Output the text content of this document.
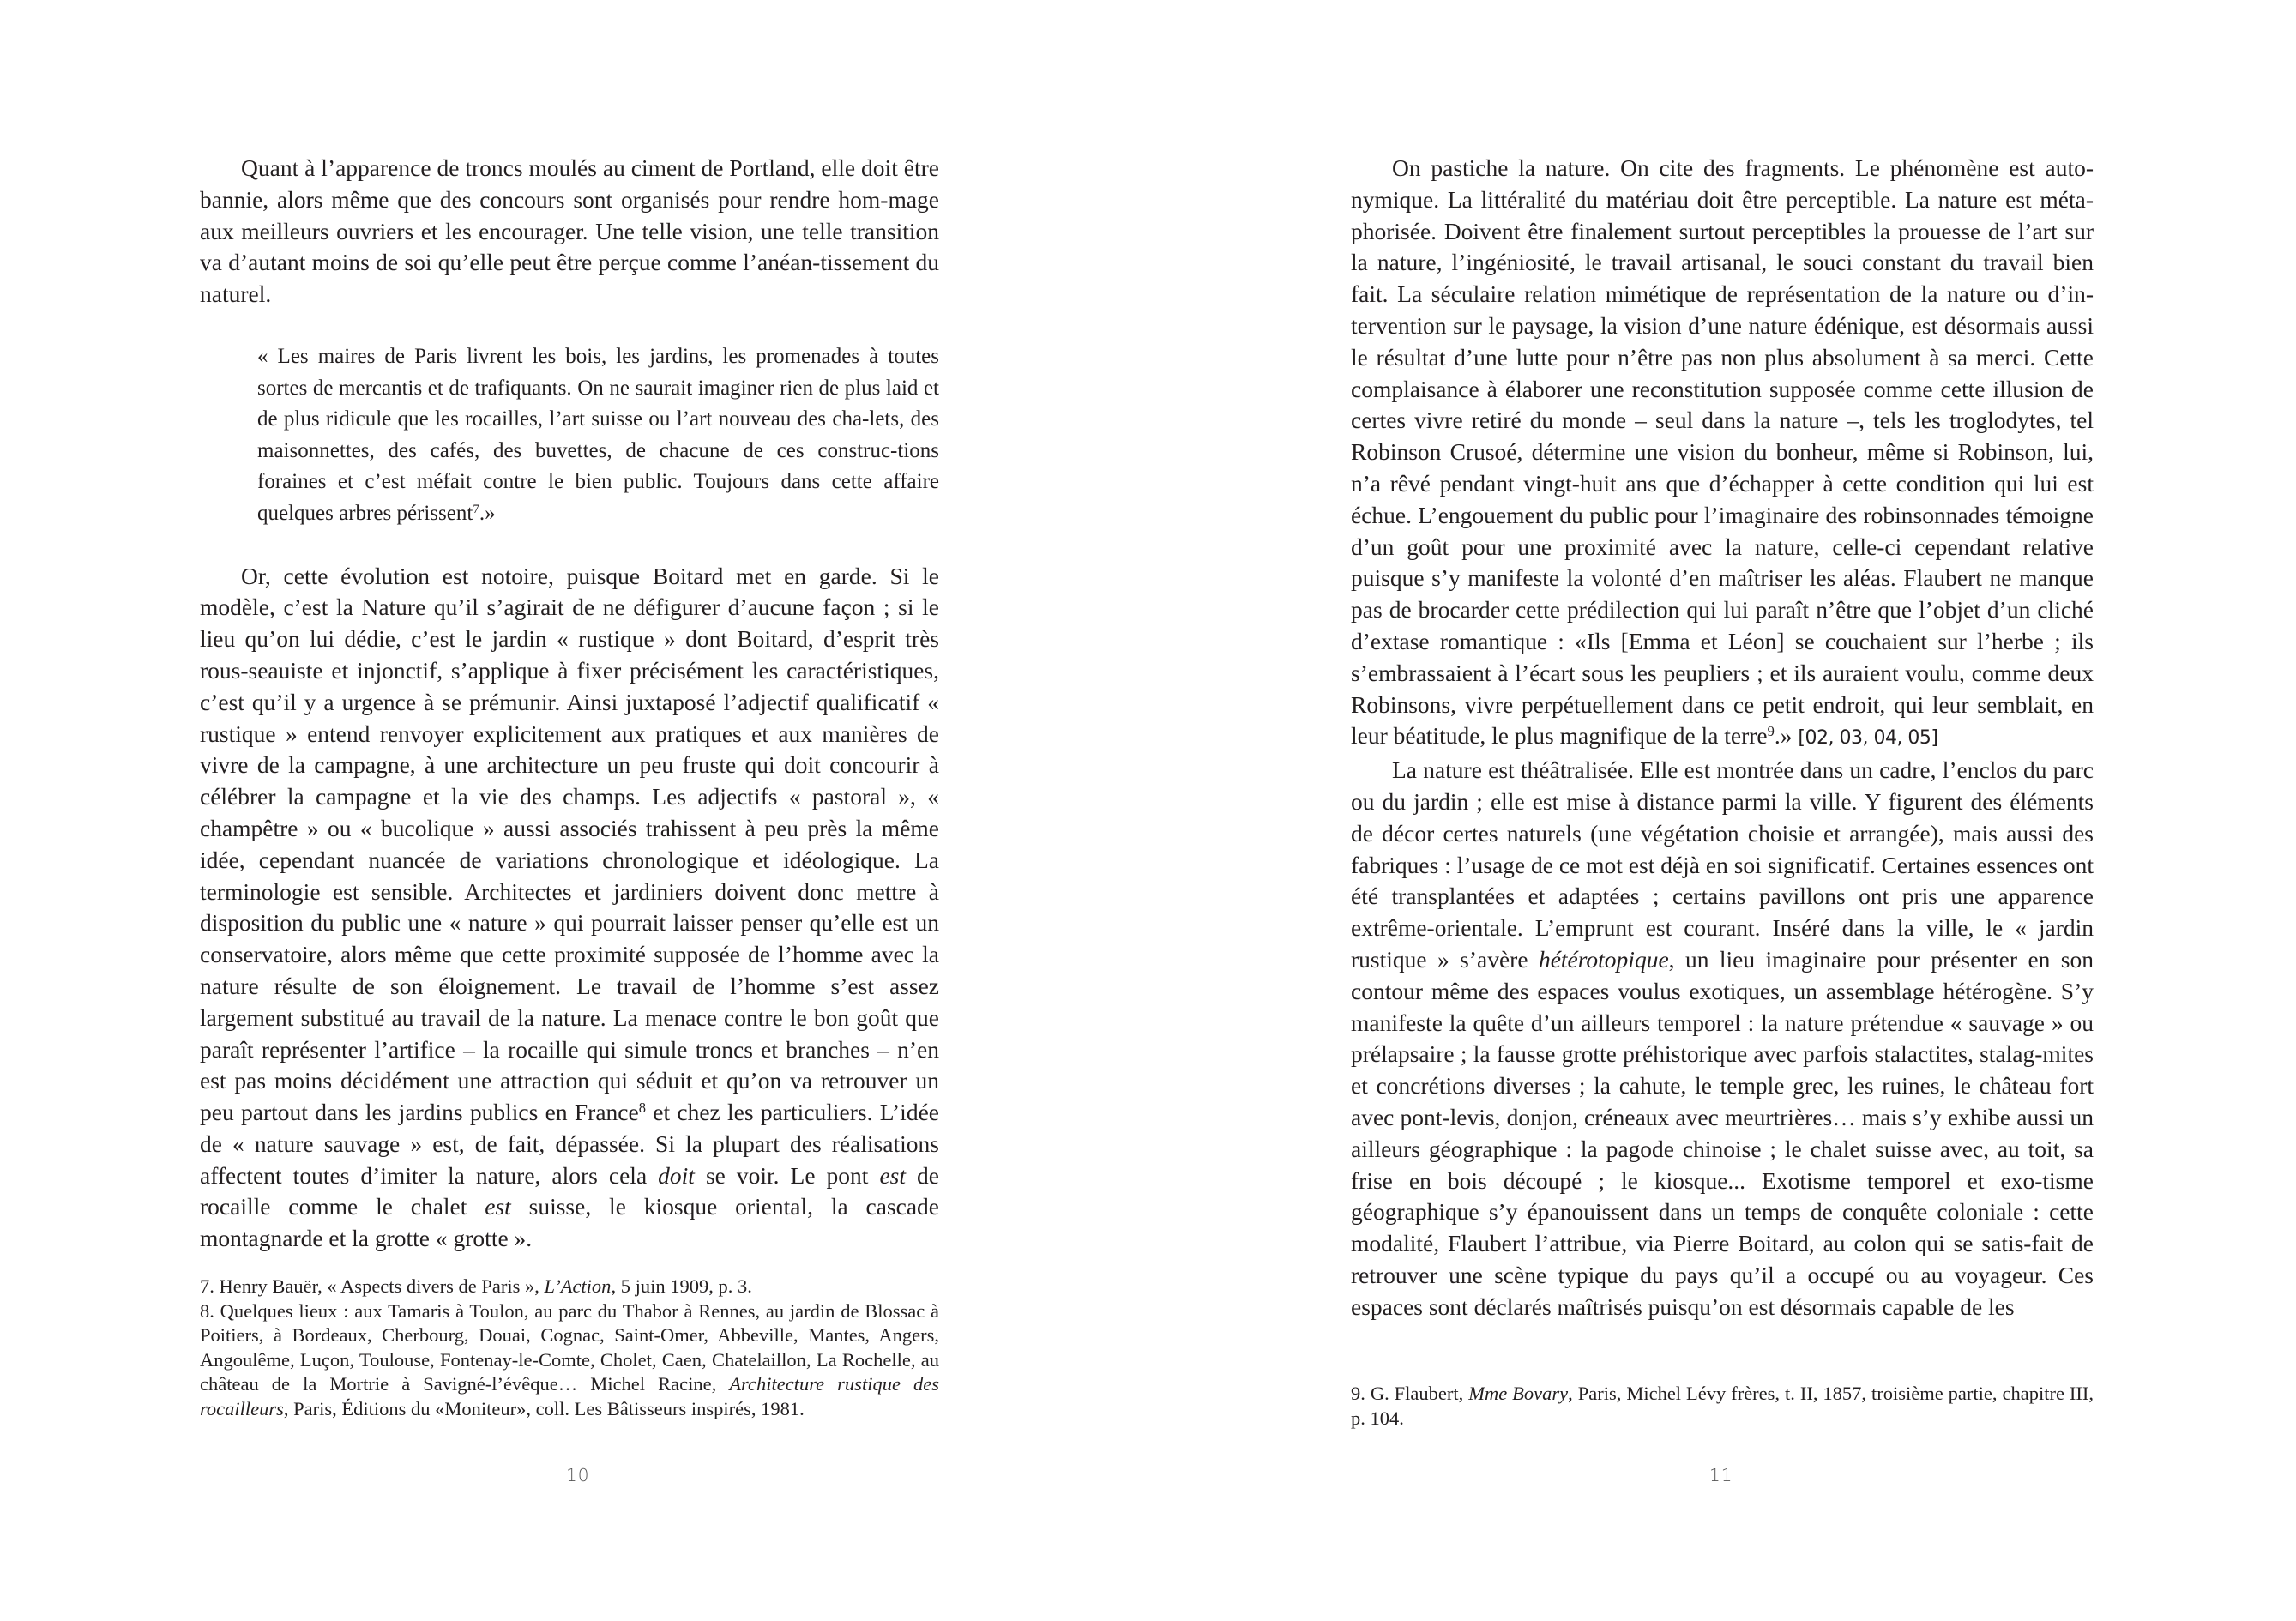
Quant à l’apparence de troncs moulés au ciment de Portland, elle doit être bannie, alors même que des concours sont organisés pour rendre hom-mage aux meilleurs ouvriers et les encourager. Une telle vision, une telle transition va d’autant moins de soi qu’elle peut être perçue comme l’anéan-tissement du naturel.

« Les maires de Paris livrent les bois, les jardins, les promenades à toutes sortes de mercantis et de trafiquants. On ne saurait imaginer rien de plus laid et de plus ridicule que les rocailles, l’art suisse ou l’art nouveau des cha-lets, des maisonnettes, des cafés, des buvettes, de chacune de ces construc-tions foraines et c’est méfait contre le bien public. Toujours dans cette affaire quelques arbres périssent$^7$.»

Or, cette évolution est notoire, puisque Boitard met en garde. Si le modèle, c’est la Nature qu’il s’agirait de ne défigurer d’aucune façon ; si le lieu qu’on lui dédie, c’est le jardin « rustique » dont Boitard, d’esprit très rous-seauiste et injonctif, s’applique à fixer précisément les caractéristiques, c’est qu’il y a urgence à se prémunir. Ainsi juxtaposé l’adjectif qualificatif « rustique » entend renvoyer explicitement aux pratiques et aux manières de vivre de la campagne, à une architecture un peu fruste qui doit concourir à célébrer la campagne et la vie des champs. Les adjectifs « pastoral », « champêtre » ou « bucolique » aussi associés trahissent à peu près la même idée, cependant nuancée de variations chronologique et idéologique. La terminologie est sensible. Architectes et jardiniers doivent donc mettre à disposition du public une « nature » qui pourrait laisser penser qu’elle est un conservatoire, alors même que cette proximité supposée de l’homme avec la nature résulte de son éloignement. Le travail de l’homme s’est assez largement substitué au travail de la nature. La menace contre le bon goût que paraît représenter l’artifice – la rocaille qui simule troncs et branches – n’en est pas moins décidément une attraction qui séduit et qu’on va retrouver un peu partout dans les jardins publics en France$^8$ et chez les particuliers. L’idée de « nature sauvage » est, de fait, dépassée. Si la plupart des réalisations affectent toutes d’imiter la nature, alors cela doit se voir. Le pont est de rocaille comme le chalet est suisse, le kiosque oriental, la cascade montagnarde et la grotte « grotte ».

7. Henry Bauër, « Aspects divers de Paris », L’Action, 5 juin 1909, p. 3.

8. Quelques lieux : aux Tamaris à Toulon, au parc du Thabor à Rennes, au jardin de Blossac à Poitiers, à Bordeaux, Cherbourg, Douai, Cognac, Saint-Omer, Abbeville, Mantes, Angers, Angoulême, Luçon, Toulouse, Fontenay-le-Comte, Cholet, Caen, Chatelaillon, La Rochelle, au château de la Mortrie à Savigné-l’évêque… Michel Racine, Architecture rustique des rocailleurs, Paris, Éditions du «Moniteur», coll. Les Bâtisseurs inspirés, 1981.

10

On pastiche la nature. On cite des fragments. Le phénomène est auto-nymique. La littéralité du matériau doit être perceptible. La nature est méta-phorisée. Doivent être finalement surtout perceptibles la prouesse de l’art sur la nature, l’ingéniosité, le travail artisanal, le souci constant du travail bien fait. La séculaire relation mimétique de représentation de la nature ou d’in-tervention sur le paysage, la vision d’une nature édénique, est désormais aussi le résultat d’une lutte pour n’être pas non plus absolument à sa merci. Cette complaisance à élaborer une reconstitution supposée comme cette illusion de certes vivre retiré du monde – seul dans la nature –, tels les troglodytes, tel Robinson Crusoé, détermine une vision du bonheur, même si Robinson, lui, n’a rêvé pendant vingt-huit ans que d’échapper à cette condition qui lui est échue. L’engouement du public pour l’imaginaire des robinsonnades témoigne d’un goût pour une proximité avec la nature, celle-ci cependant relative puisque s’y manifeste la volonté d’en maîtriser les aléas. Flaubert ne manque pas de brocarder cette prédilection qui lui paraît n’être que l’objet d’un cliché d’extase romantique : «Ils [Emma et Léon] se couchaient sur l’herbe ; ils s’embrassaient à l’écart sous les peupliers ; et ils auraient voulu, comme deux Robinsons, vivre perpétuellement dans ce petit endroit, qui leur semblait, en leur béatitude, le plus magnifique de la terre$^9$.» [02, 03, 04, 05]

La nature est théâtralisée. Elle est montrée dans un cadre, l’enclos du parc ou du jardin ; elle est mise à distance parmi la ville. Y figurent des éléments de décor certes naturels (une végétation choisie et arrangée), mais aussi des fabriques : l’usage de ce mot est déjà en soi significatif. Certaines essences ont été transplantées et adaptées ; certains pavillons ont pris une apparence extrême-orientale. L’emprunt est courant. Inséré dans la ville, le « jardin rustique » s’avère hétérotopique, un lieu imaginaire pour présenter en son contour même des espaces voulus exotiques, un assemblage hétérogène. S’y manifeste la quête d’un ailleurs temporel : la nature prétendue « sauvage » ou prélapsaire ; la fausse grotte préhistorique avec parfois stalactites, stalag-mites et concrétions diverses ; la cahute, le temple grec, les ruines, le château fort avec pont-levis, donjon, créneaux avec meurtrières… mais s’y exhibe aussi un ailleurs géographique : la pagode chinoise ; le chalet suisse avec, au toit, sa frise en bois découpé ; le kiosque... Exotisme temporel et exo-tisme géographique s’y épanouissent dans un temps de conquête coloniale : cette modalité, Flaubert l’attribue, via Pierre Boitard, au colon qui se satis-fait de retrouver une scène typique du pays qu’il a occupé ou au voyageur. Ces espaces sont déclarés maîtrisés puisqu’on est désormais capable de les

9. G. Flaubert, Mme Bovary, Paris, Michel Lévy frères, t. II, 1857, troisième partie, chapitre III, p. 104.

11
